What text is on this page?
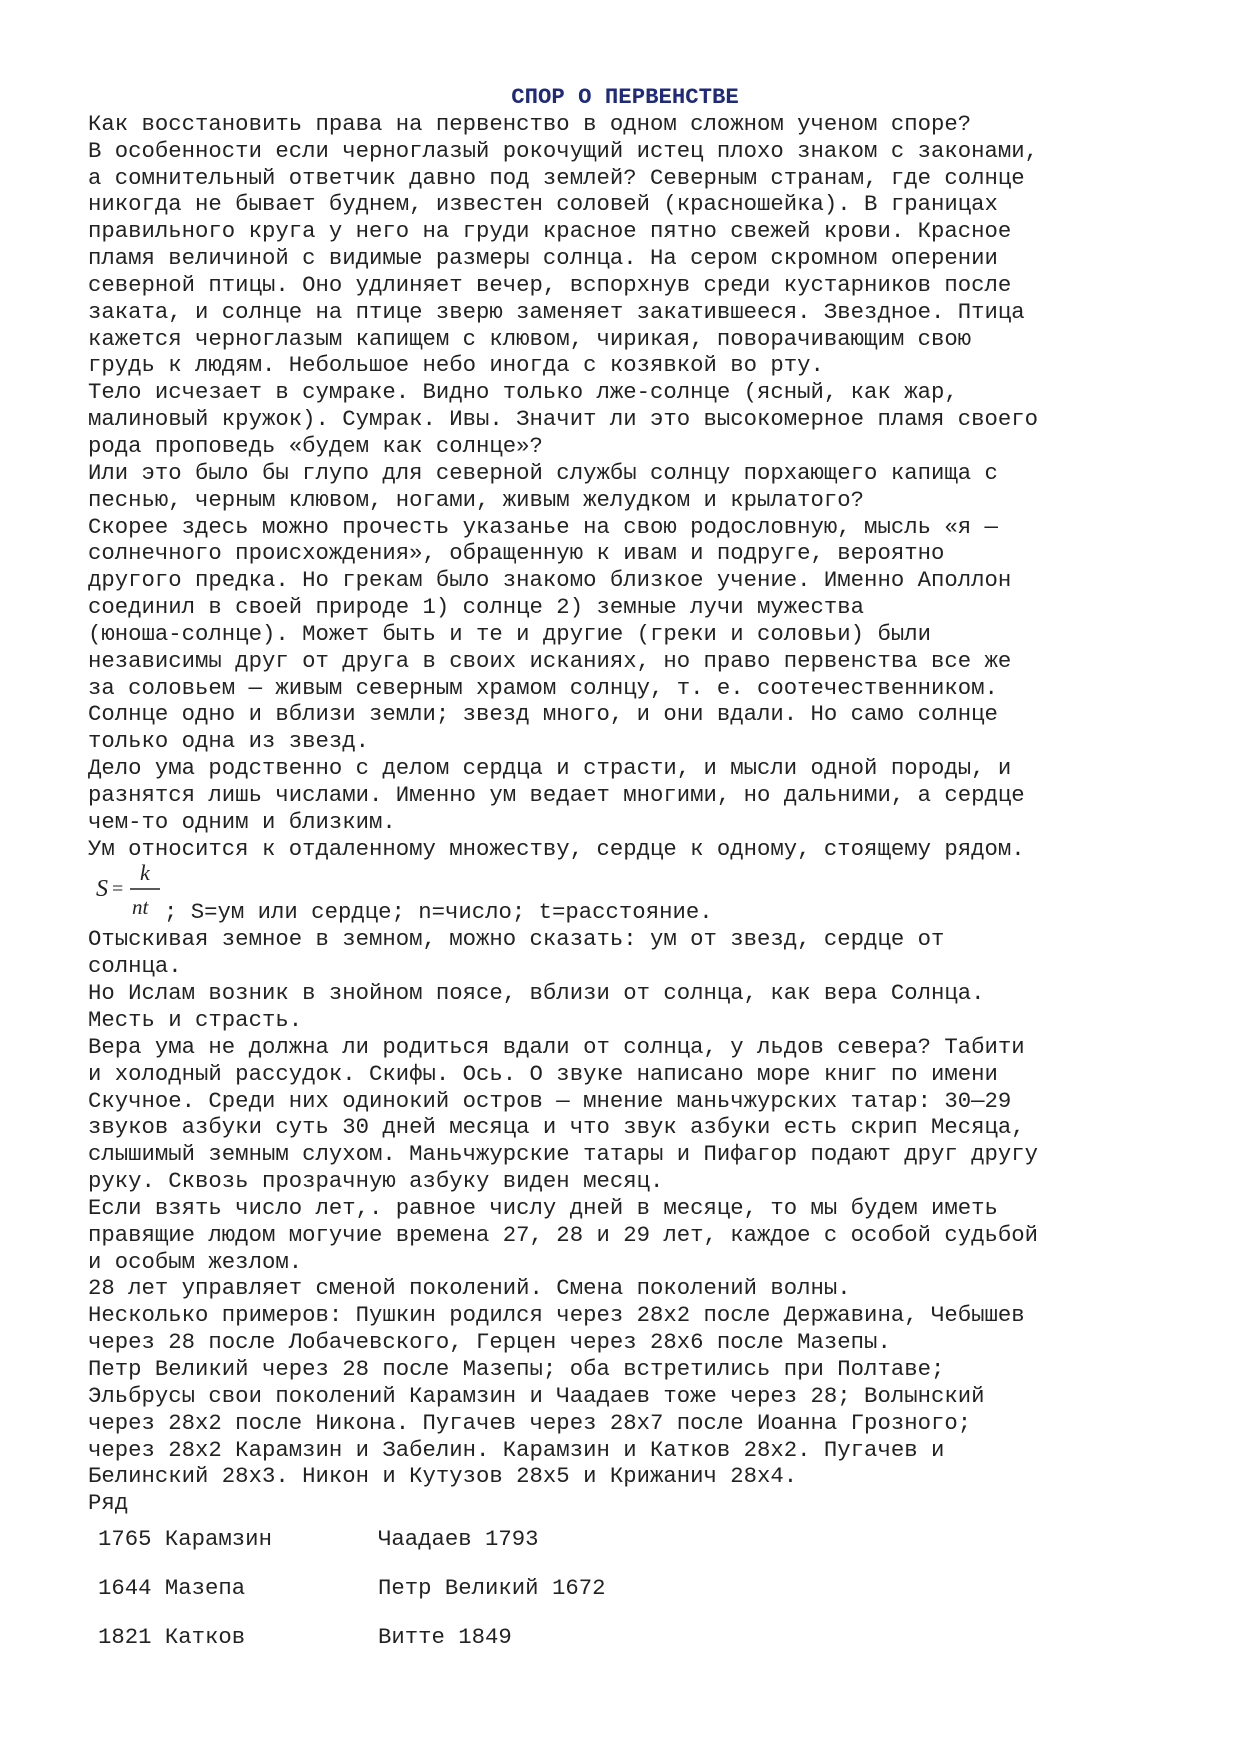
СПОР О ПЕРВЕНСТВЕ
Как восстановить права на первенство в одном сложном ученом споре?
В особенности если черноглазый рокочущий истец плохо знаком с законами,
а сомнительный ответчик давно под землей? Северным странам, где солнце
никогда не бывает буднем, известен соловей (красношейка). В границах
правильного круга у него на груди красное пятно свежей крови. Красное
пламя величиной с видимые размеры солнца. На сером скромном оперении
северной птицы. Оно удлиняет вечер, вспорхнув среди кустарников после
заката, и солнце на птице зверю заменяет закатившееся. Звездное. Птица
кажется черноглазым капищем с клювом, чирикая, поворачивающим свою
грудь к людям. Небольшое небо иногда с козявкой во рту.
Тело исчезает в сумраке. Видно только лже-солнце (ясный, как жар,
малиновый кружок). Сумрак. Ивы. Значит ли это высокомерное пламя своего
рода проповедь «будем как солнце»?
Или это было бы глупо для северной службы солнцу порхающего капища с
песнью, черным клювом, ногами, живым желудком и крылатого?
Скорее здесь можно прочесть указанье на свою родословную, мысль «я —
солнечного происхождения», обращенную к ивам и подруге, вероятно
другого предка. Но грекам было знакомо близкое учение. Именно Аполлон
соединил в своей природе 1) солнце 2) земные лучи мужества
(юноша-солнце). Может быть и те и другие (греки и соловьи) были
независимы друг от друга в своих исканиях, но право первенства все же
за соловьем — живым северным храмом солнцу, т. е. соотечественником.
Солнце одно и вблизи земли; звезд много, и они вдали. Но само солнце
только одна из звезд.
Дело ума родственно с делом сердца и страсти, и мысли одной породы, и
разнятся лишь числами. Именно ум ведает многими, но дальними, а сердце
чем-то одним и близким.
Ум относится к отдаленному множеству, сердце к одному, стоящему рядом.
S =
k
nt ; S=ум или сердце; n=число; t=расстояние.
Отыскивая земное в земном, можно сказать: ум от звезд, сердце от
солнца.
Но Ислам возник в знойном поясе, вблизи от солнца, как вера Солнца.
Месть и страсть.
Вера ума не должна ли родиться вдали от солнца, у льдов севера? Табити
и холодный рассудок. Скифы. Ось. О звуке написано море книг по имени
Скучное. Среди них одинокий остров — мнение маньчжурских татар: 30—29
звуков азбуки суть 30 дней месяца и что звук азбуки есть скрип Месяца,
слышимый земным слухом. Маньчжурские татары и Пифагор подают друг другу
руку. Сквозь прозрачную азбуку виден месяц.
Если взять число лет,. равное числу дней в месяце, то мы будем иметь
правящие людом могучие времена 27, 28 и 29 лет, каждое с особой судьбой
и особым жезлом.
28 лет управляет сменой поколений. Смена поколений волны.
Несколько примеров: Пушкин родился через 28x2 после Державина, Чебышев
через 28 после Лобачевского, Герцен через 28x6 после Мазепы.
Петр Великий через 28 после Мазепы; оба встретились при Полтаве;
Эльбрусы свои поколений Карамзин и Чаадаев тоже через 28; Волынский
через 28x2 после Никона. Пугачев через 28x7 после Иоанна Грозного;
через 28x2 Карамзин и Забелин. Карамзин и Катков 28x2. Пугачев и
Белинский 28x3. Никон и Кутузов 28x5 и Крижанич 28x4.
Ряд
1765 Карамзин	Чаадаев 1793
1644 Мазепа	Петр Великий 1672
1821 Катков	Витте 1849
